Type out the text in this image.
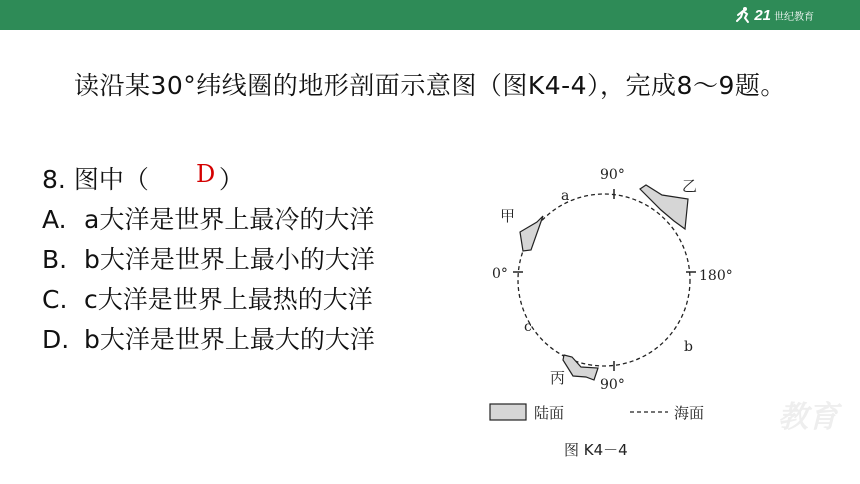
21 世纪教育
读沿某30°纬线圈的地形剖面示意图（图K4-4），完成8～9题。
8. 图中（	）
D
A. a大洋是世界上最冷的大洋
B. b大洋是世界上最小的大洋
C. c大洋是世界上最热的大洋
D. b大洋是世界上最大的大洋
90°
180°
90°
0°
a
b
c
甲
乙
丙
陆面	海面
图 K4－4
教育
